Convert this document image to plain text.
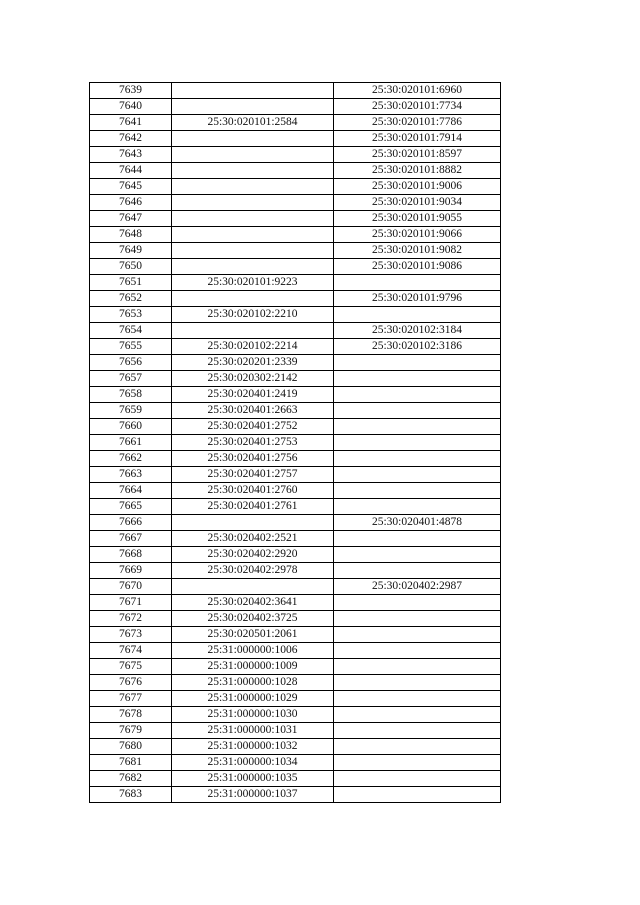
7639		25:30:020101:6960
7640		25:30:020101:7734
7641	25:30:020101:2584	25:30:020101:7786
7642		25:30:020101:7914
7643		25:30:020101:8597
7644		25:30:020101:8882
7645		25:30:020101:9006
7646		25:30:020101:9034
7647		25:30:020101:9055
7648		25:30:020101:9066
7649		25:30:020101:9082
7650		25:30:020101:9086
7651	25:30:020101:9223	
7652		25:30:020101:9796
7653	25:30:020102:2210	
7654		25:30:020102:3184
7655	25:30:020102:2214	25:30:020102:3186
7656	25:30:020201:2339	
7657	25:30:020302:2142	
7658	25:30:020401:2419	
7659	25:30:020401:2663	
7660	25:30:020401:2752	
7661	25:30:020401:2753	
7662	25:30:020401:2756	
7663	25:30:020401:2757	
7664	25:30:020401:2760	
7665	25:30:020401:2761	
7666		25:30:020401:4878
7667	25:30:020402:2521	
7668	25:30:020402:2920	
7669	25:30:020402:2978	
7670		25:30:020402:2987
7671	25:30:020402:3641	
7672	25:30:020402:3725	
7673	25:30:020501:2061	
7674	25:31:000000:1006	
7675	25:31:000000:1009	
7676	25:31:000000:1028	
7677	25:31:000000:1029	
7678	25:31:000000:1030	
7679	25:31:000000:1031	
7680	25:31:000000:1032	
7681	25:31:000000:1034	
7682	25:31:000000:1035	
7683	25:31:000000:1037	
